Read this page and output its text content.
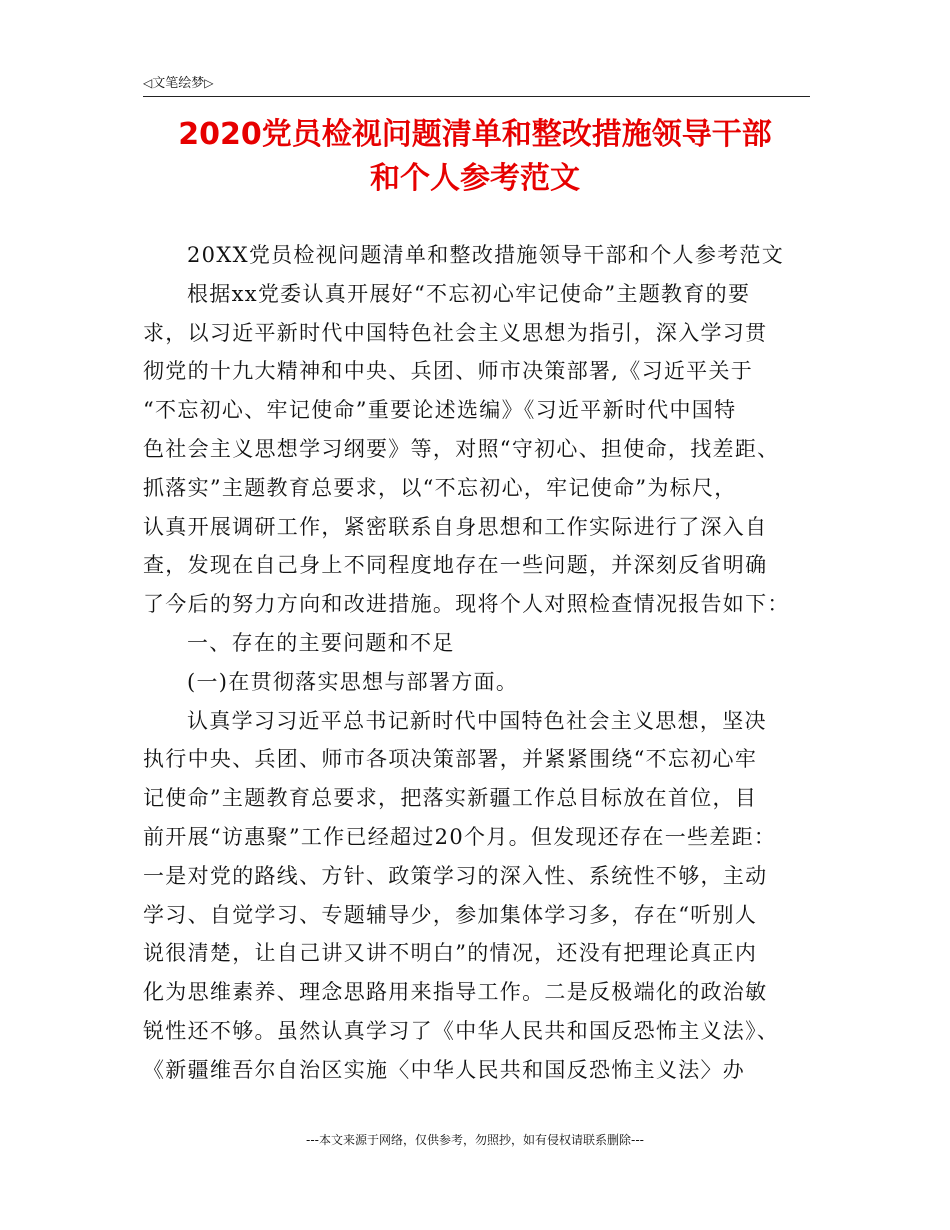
◁文笔绘梦▷
2020党员检视问题清单和整改措施领导干部
和个人参考范文
20XX党员检视问题清单和整改措施领导干部和个人参考范文
根据xx党委认真开展好“不忘初心牢记使命”主题教育的要
求，以习近平新时代中国特色社会主义思想为指引，深入学习贯
彻党的十九大精神和中央、兵团、师市决策部署,《习近平关于
“不忘初心、牢记使命”重要论述选编》《习近平新时代中国特
色社会主义思想学习纲要》等，对照“守初心、担使命，找差距、
抓落实”主题教育总要求，以“不忘初心，牢记使命”为标尺，
认真开展调研工作，紧密联系自身思想和工作实际进行了深入自
查，发现在自己身上不同程度地存在一些问题，并深刻反省明确
了今后的努力方向和改进措施。现将个人对照检查情况报告如下：
一、存在的主要问题和不足
(一)在贯彻落实思想与部署方面。
认真学习习近平总书记新时代中国特色社会主义思想，坚决
执行中央、兵团、师市各项决策部署，并紧紧围绕“不忘初心牢
记使命”主题教育总要求，把落实新疆工作总目标放在首位，目
前开展“访惠聚”工作已经超过20个月。但发现还存在一些差距：
一是对党的路线、方针、政策学习的深入性、系统性不够，主动
学习、自觉学习、专题辅导少，参加集体学习多，存在“听别人
说很清楚，让自己讲又讲不明白”的情况，还没有把理论真正内
化为思维素养、理念思路用来指导工作。二是反极端化的政治敏
锐性还不够。虽然认真学习了《中华人民共和国反恐怖主义法》、
《新疆维吾尔自治区实施〈中华人民共和国反恐怖主义法〉办
---本文来源于网络，仅供参考，勿照抄，如有侵权请联系删除---
